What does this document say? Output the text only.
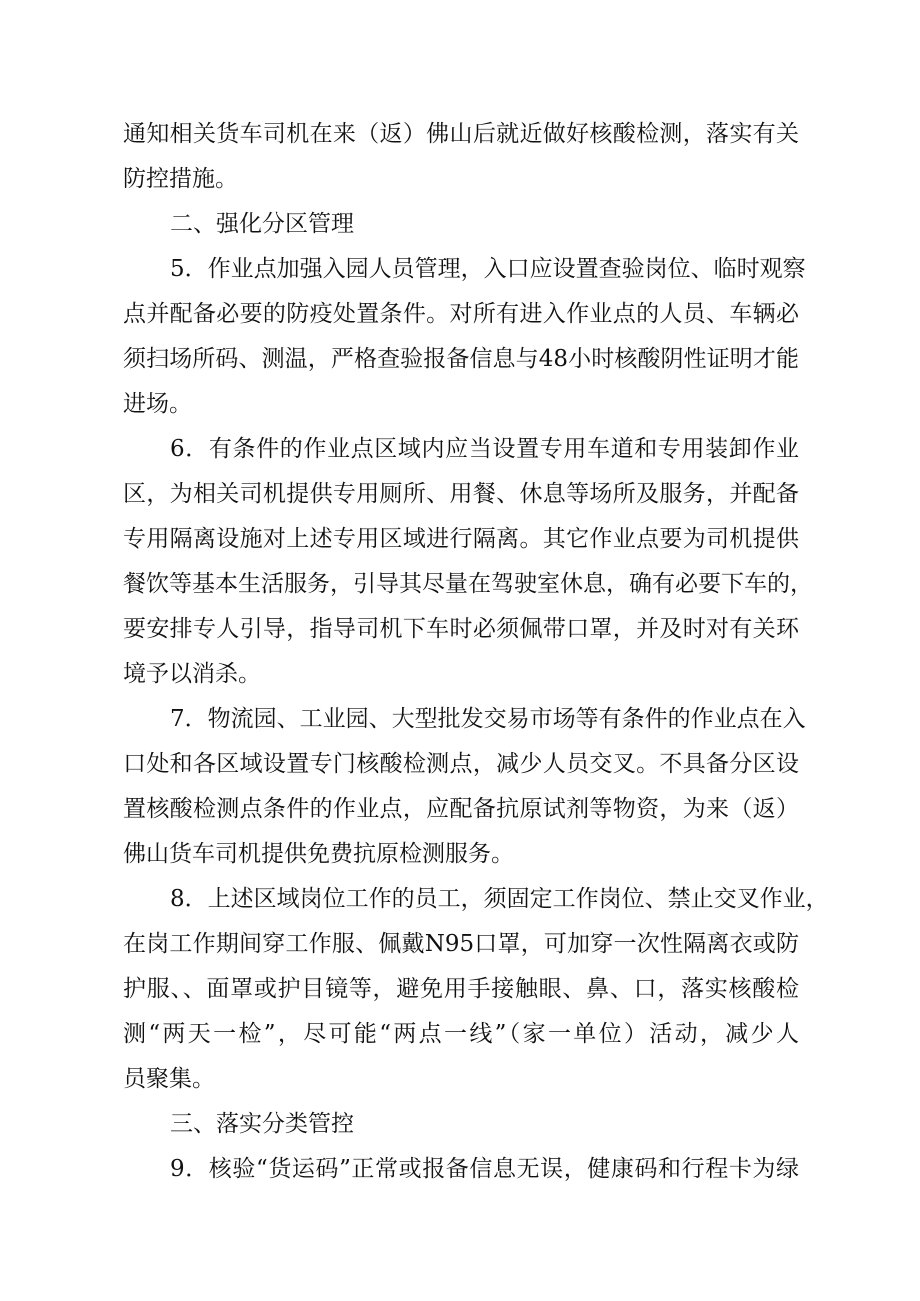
通知相关货车司机在来（返）佛山后就近做好核酸检测，落实有关
防控措施。
二、强化分区管理
5．作业点加强入园人员管理，入口应设置查验岗位、临时观察
点并配备必要的防疫处置条件。对所有进入作业点的人员、车辆必
须扫场所码、测温，严格查验报备信息与48小时核酸阴性证明才能
进场。
6．有条件的作业点区域内应当设置专用车道和专用装卸作业
区，为相关司机提供专用厕所、用餐、休息等场所及服务，并配备
专用隔离设施对上述专用区域进行隔离。其它作业点要为司机提供
餐饮等基本生活服务，引导其尽量在驾驶室休息，确有必要下车的，
要安排专人引导，指导司机下车时必须佩带口罩，并及时对有关环
境予以消杀。
7．物流园、工业园、大型批发交易市场等有条件的作业点在入
口处和各区域设置专门核酸检测点，减少人员交叉。不具备分区设
置核酸检测点条件的作业点，应配备抗原试剂等物资，为来（返）
佛山货车司机提供免费抗原检测服务。
8．上述区域岗位工作的员工，须固定工作岗位、禁止交叉作业，
在岗工作期间穿工作服、佩戴N95口罩，可加穿一次性隔离衣或防
护服、、面罩或护目镜等，避免用手接触眼、鼻、口，落实核酸检
测“两天一检”，尽可能“两点一线”（家一单位）活动，减少人
员聚集。
三、落实分类管控
9．核验“货运码”正常或报备信息无误，健康码和行程卡为绿
